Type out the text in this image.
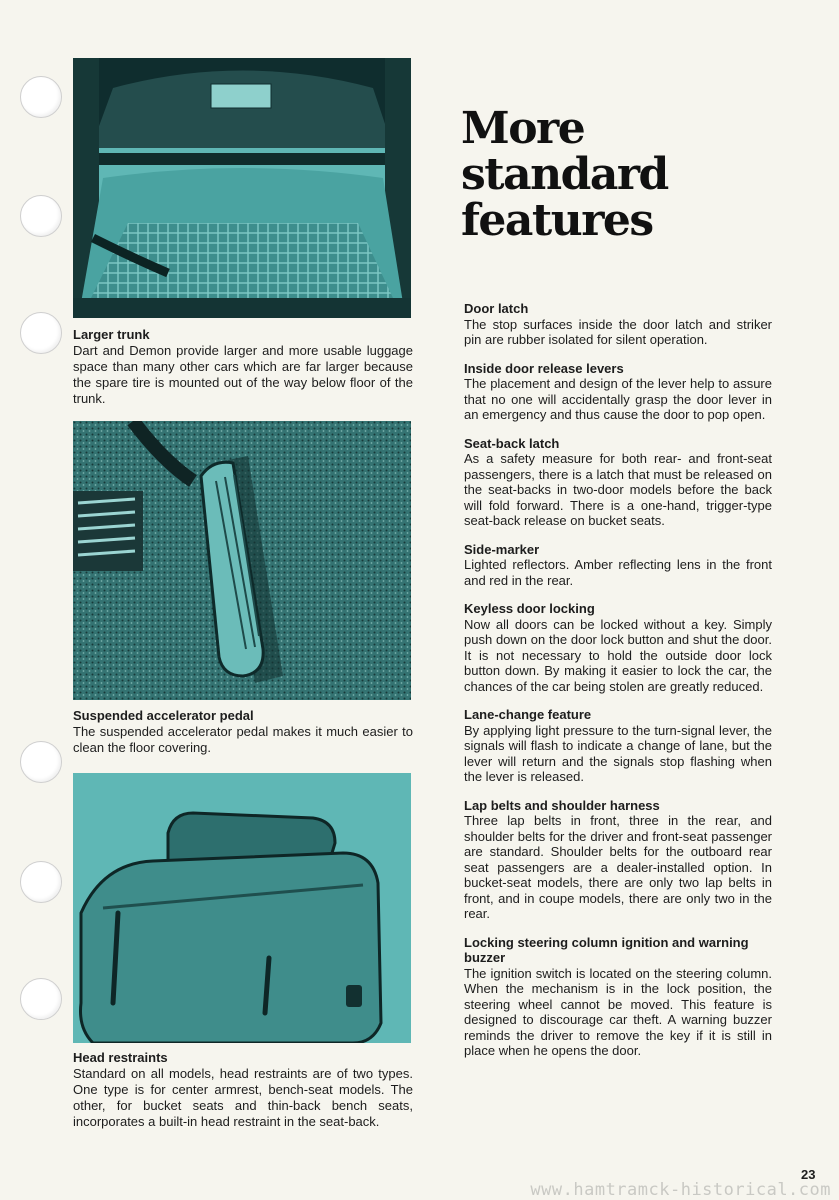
Larger trunk
Dart and Demon provide larger and more usable luggage space than many other cars which are far larger because the spare tire is mounted out of the way below floor of the trunk.
Suspended accelerator pedal
The suspended accelerator pedal makes it much easier to clean the floor covering.
Head restraints
Standard on all models, head restraints are of two types. One type is for center armrest, bench-seat models. The other, for bucket seats and thin-back bench seats, incorporates a built-in head restraint in the seat-back.
More
standard
features
Door latch
The stop surfaces inside the door latch and striker pin are rubber isolated for silent operation.
Inside door release levers
The placement and design of the lever help to assure that no one will accidentally grasp the door lever in an emergency and thus cause the door to pop open.
Seat-back latch
As a safety measure for both rear- and front-seat passengers, there is a latch that must be released on the seat-backs in two-door models before the back will fold forward. There is a one-hand, trigger-type seat-back release on bucket seats.
Side-marker
Lighted reflectors. Amber reflecting lens in the front and red in the rear.
Keyless door locking
Now all doors can be locked without a key. Simply push down on the door lock button and shut the door. It is not necessary to hold the outside door lock button down. By making it easier to lock the car, the chances of the car being stolen are greatly reduced.
Lane-change feature
By applying light pressure to the turn-signal lever, the signals will flash to indicate a change of lane, but the lever will return and the signals stop flashing when the lever is released.
Lap belts and shoulder harness
Three lap belts in front, three in the rear, and shoulder belts for the driver and front-seat passenger are standard. Shoulder belts for the outboard rear seat passengers are a dealer-installed option. In bucket-seat models, there are only two lap belts in front, and in coupe models, there are only two in the rear.
Locking steering column ignition and warning buzzer
The ignition switch is located on the steering column. When the mechanism is in the lock position, the steering wheel cannot be moved. This feature is designed to discourage car theft. A warning buzzer reminds the driver to remove the key if it is still in place when he opens the door.
23
www.hamtramck-historical.com
